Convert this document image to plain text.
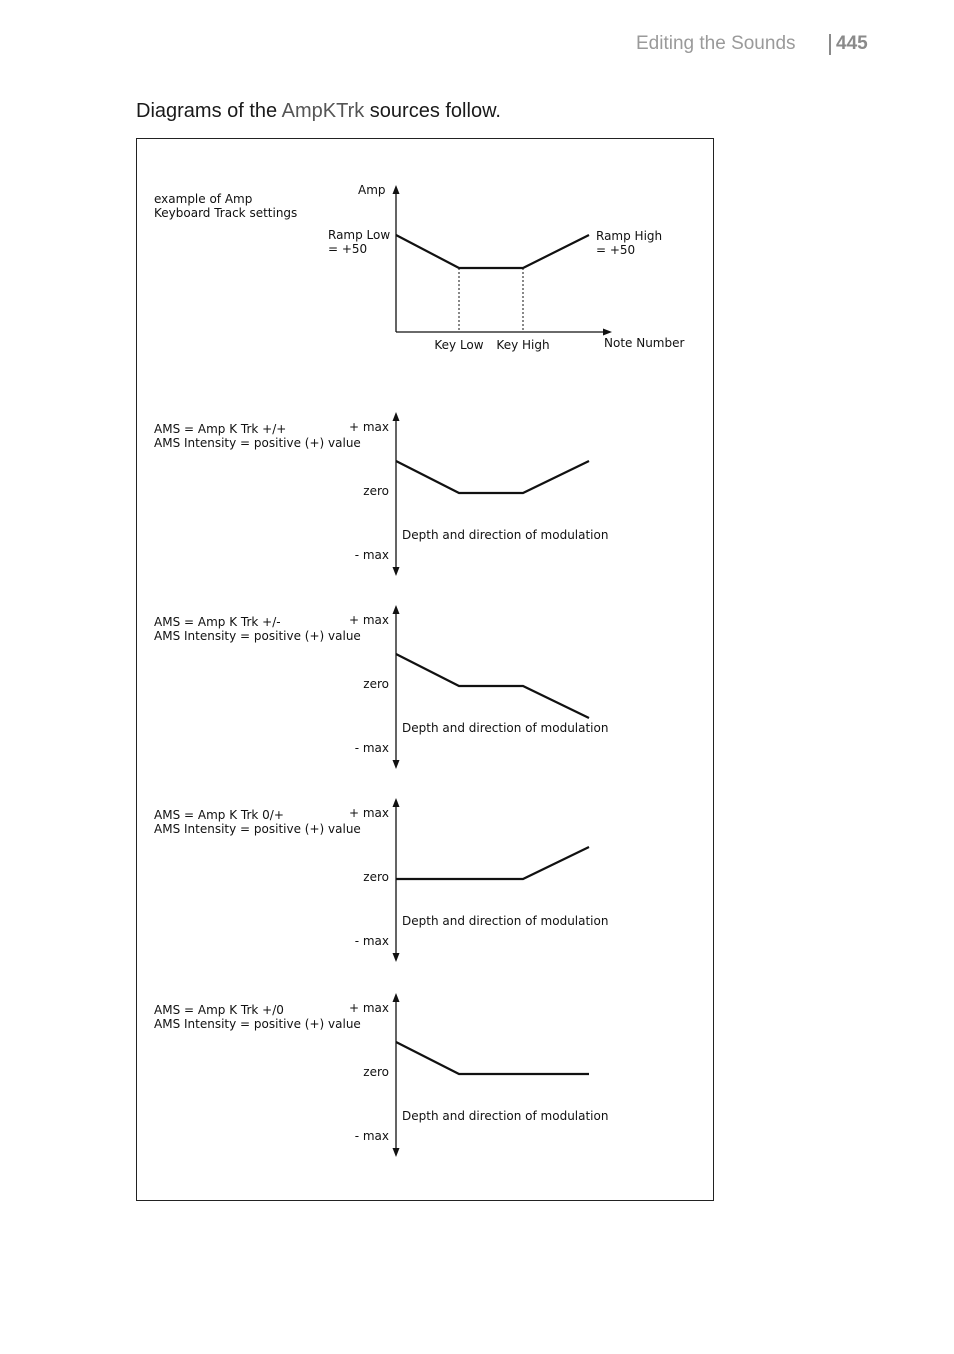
Editing the Sounds 445
Diagrams of the AmpKTrk sources follow.
example of Amp
Keyboard Track settings
Amp
Note Number
Ramp Low
= +50
Ramp High
= +50
Key Low Key High
AMS = Amp K Trk +/+
AMS Intensity = positive (+) value
+ max
zero
- max
Depth and direction of modulation
AMS = Amp K Trk +/-
AMS Intensity = positive (+) value
+ max
zero
- max
Depth and direction of modulation
AMS = Amp K Trk 0/+
AMS Intensity = positive (+) value
+ max
zero
- max
Depth and direction of modulation
AMS = Amp K Trk +/0
AMS Intensity = positive (+) value
+ max
zero
- max
Depth and direction of modulation
